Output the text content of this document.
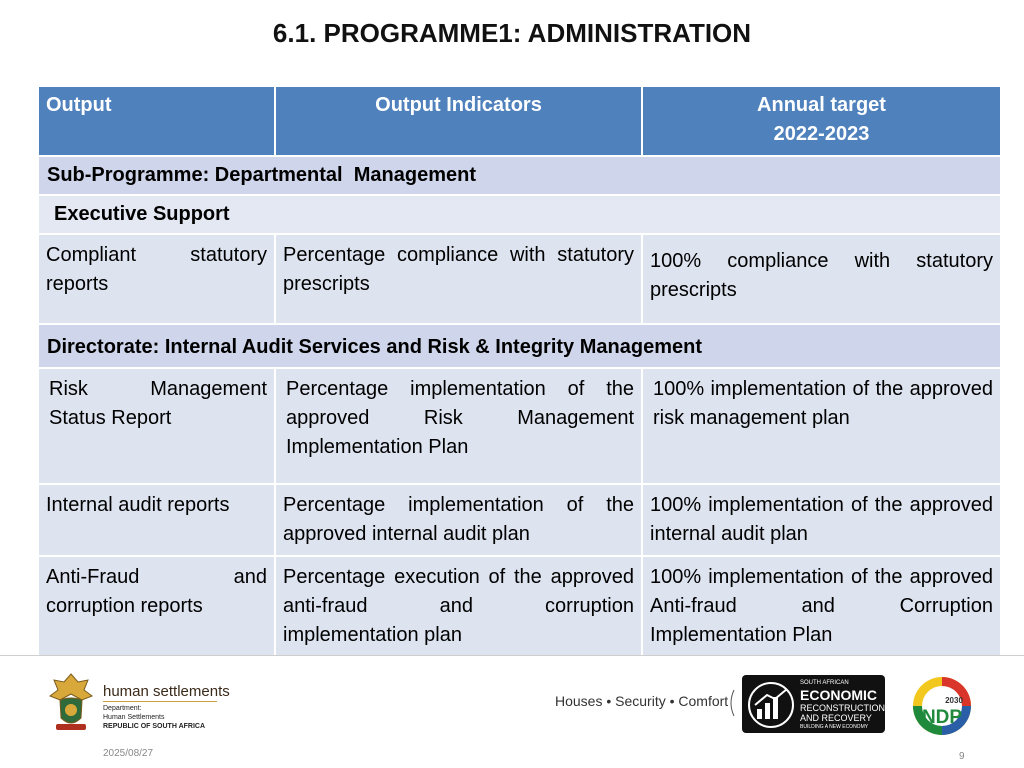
6.1. PROGRAMME1: ADMINISTRATION
Output	Output Indicators	Annual target
2022-2023
Sub-Programme: Departmental  Management		
Executive Support		
Compliant statutory reports	Percentage compliance with statutory prescripts	100% compliance with statutory prescripts
Directorate: Internal Audit Services and Risk & Integrity Management		
Risk Management Status Report	Percentage implementation of the approved Risk Management Implementation Plan	100% implementation of the approved risk management plan
Internal audit reports	Percentage implementation of the approved internal audit plan	100% implementation of the approved internal audit plan
Anti-Fraud and corruption reports	Percentage execution of the approved anti-fraud and corruption implementation plan	100% implementation of the approved Anti-fraud and Corruption Implementation Plan
human settlements
Department:
Human Settlements
REPUBLIC OF SOUTH AFRICA
Houses • Security • Comfort
SOUTH AFRICAN
ECONOMIC
RECONSTRUCTION
AND RECOVERY
BUILDING A NEW ECONOMY
2030
NDP
2025/08/27	9
